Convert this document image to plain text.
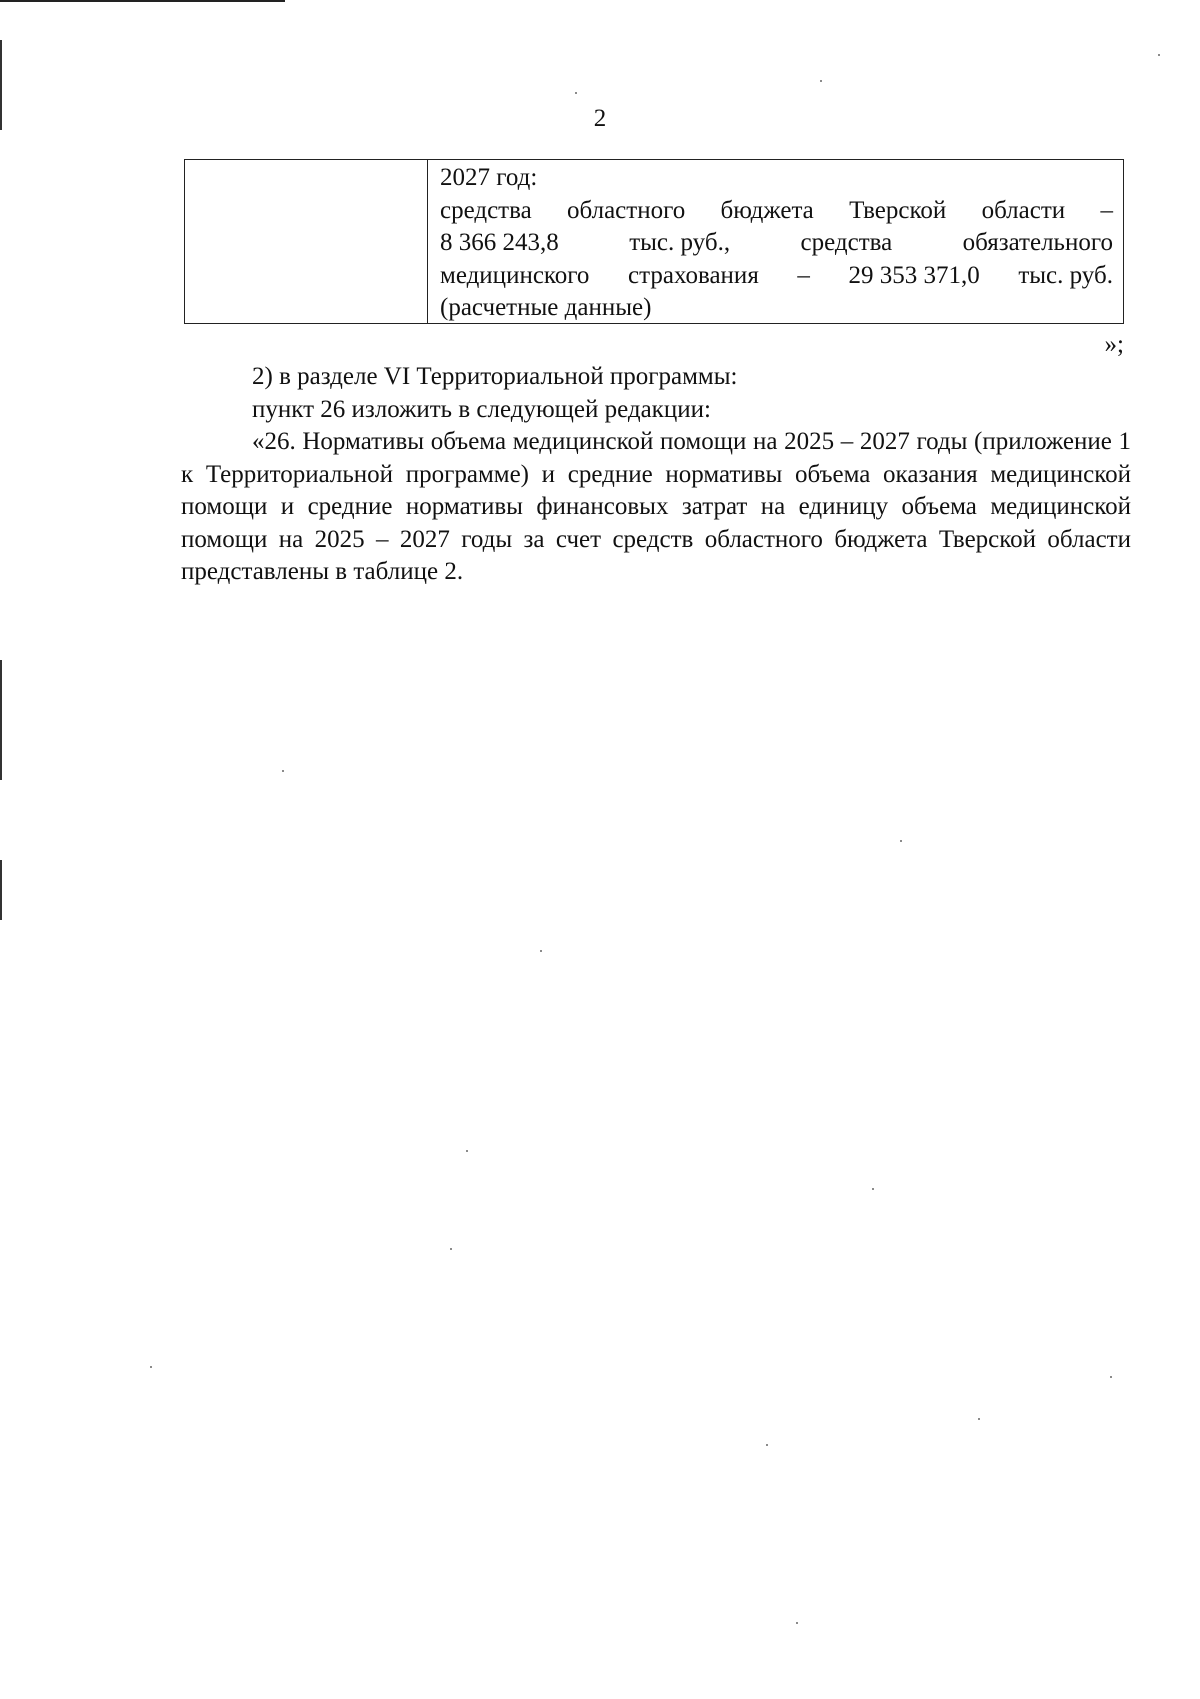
2
2027 год:
средства областного бюджета Тверской области –
8 366 243,8	тыс. руб.,	средства	обязательного
медицинского страхования – 29 353 371,0 тыс. руб.
(расчетные данные)
»;

2) в разделе VI Территориальной программы:

пункт 26 изложить в следующей редакции:

«26. Нормативы объема медицинской помощи на 2025 – 2027 годы (приложение 1 к Территориальной программе) и средние нормативы объема оказания медицинской помощи и средние нормативы финансовых затрат на единицу объема медицинской помощи на 2025 – 2027 годы за счет средств областного бюджета Тверской области представлены в таблице 2.
